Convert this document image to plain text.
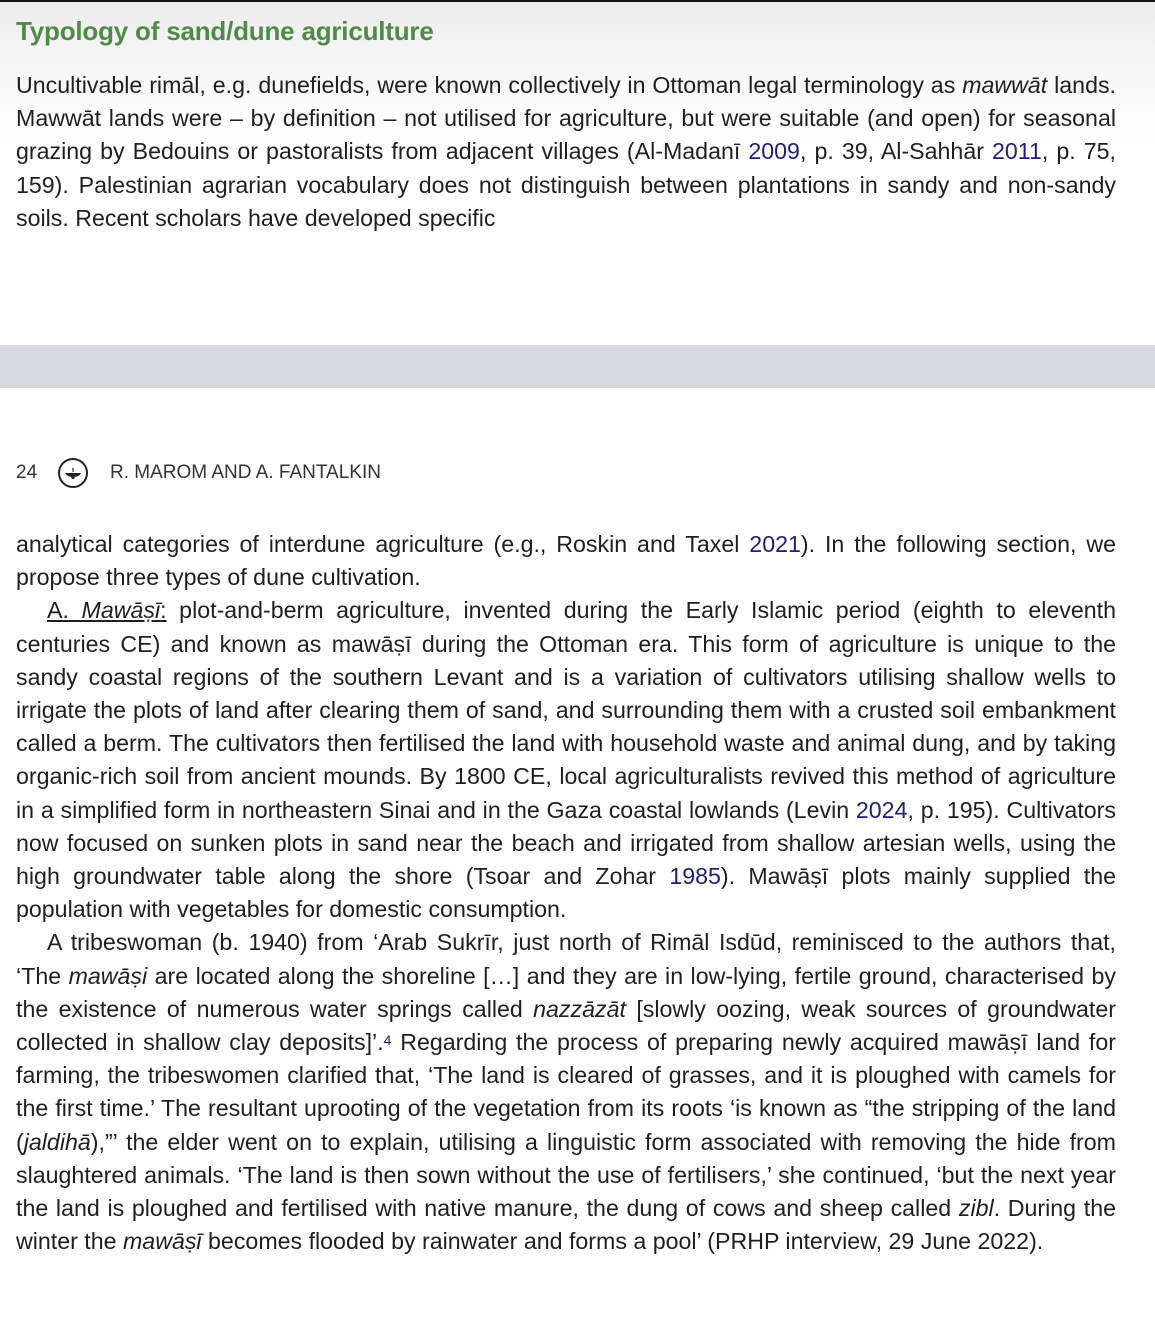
Typology of sand/dune agriculture

Uncultivable rimāl, e.g. dunefields, were known collectively in Ottoman legal terminology as mawwāt lands. Mawwāt lands were – by definition – not utilised for agriculture, but were suitable (and open) for seasonal grazing by Bedouins or pastoralists from adjacent villages (Al-Madanī 2009, p. 39, Al-Sahhār 2011, p. 75, 159). Palestinian agrarian vocabulary does not distinguish between plantations in sandy and non-sandy soils. Recent scholars have developed specific

24	R. MAROM AND A. FANTALKIN

analytical categories of interdune agriculture (e.g., Roskin and Taxel 2021). In the following section, we propose three types of dune cultivation.
A. Mawāṣī: plot-and-berm agriculture, invented during the Early Islamic period (eighth to eleventh centuries CE) and known as mawāṣī during the Ottoman era. This form of agriculture is unique to the sandy coastal regions of the southern Levant and is a variation of cultivators utilising shallow wells to irrigate the plots of land after clearing them of sand, and surrounding them with a crusted soil embankment called a berm. The cultivators then fertilised the land with household waste and animal dung, and by taking organic-rich soil from ancient mounds. By 1800 CE, local agriculturalists revived this method of agriculture in a simplified form in northeastern Sinai and in the Gaza coastal lowlands (Levin 2024, p. 195). Cultivators now focused on sunken plots in sand near the beach and irrigated from shallow artesian wells, using the high groundwater table along the shore (Tsoar and Zohar 1985). Mawāṣī plots mainly supplied the population with vegetables for domestic consumption.
A tribeswoman (b. 1940) from ‘Arab Sukrīr, just north of Rimāl Isdūd, reminisced to the authors that, ‘The mawāṣi are located along the shoreline […] and they are in low-lying, fertile ground, characterised by the existence of numerous water springs called nazzāzāt [slowly oozing, weak sources of groundwater collected in shallow clay deposits]’.$^4$ Regarding the process of preparing newly acquired mawāṣī land for farming, the tribeswomen clarified that, ‘The land is cleared of grasses, and it is ploughed with camels for the first time.’ The resultant uprooting of the vegetation from its roots ‘is known as “the stripping of the land (jaldihā),”’ the elder went on to explain, utilising a linguistic form associated with removing the hide from slaughtered animals. ‘The land is then sown without the use of fertilisers,’ she continued, ‘but the next year the land is ploughed and fertilised with native manure, the dung of cows and sheep called zibl. During the winter the mawāṣī becomes flooded by rainwater and forms a pool’ (PRHP interview, 29 June 2022).
